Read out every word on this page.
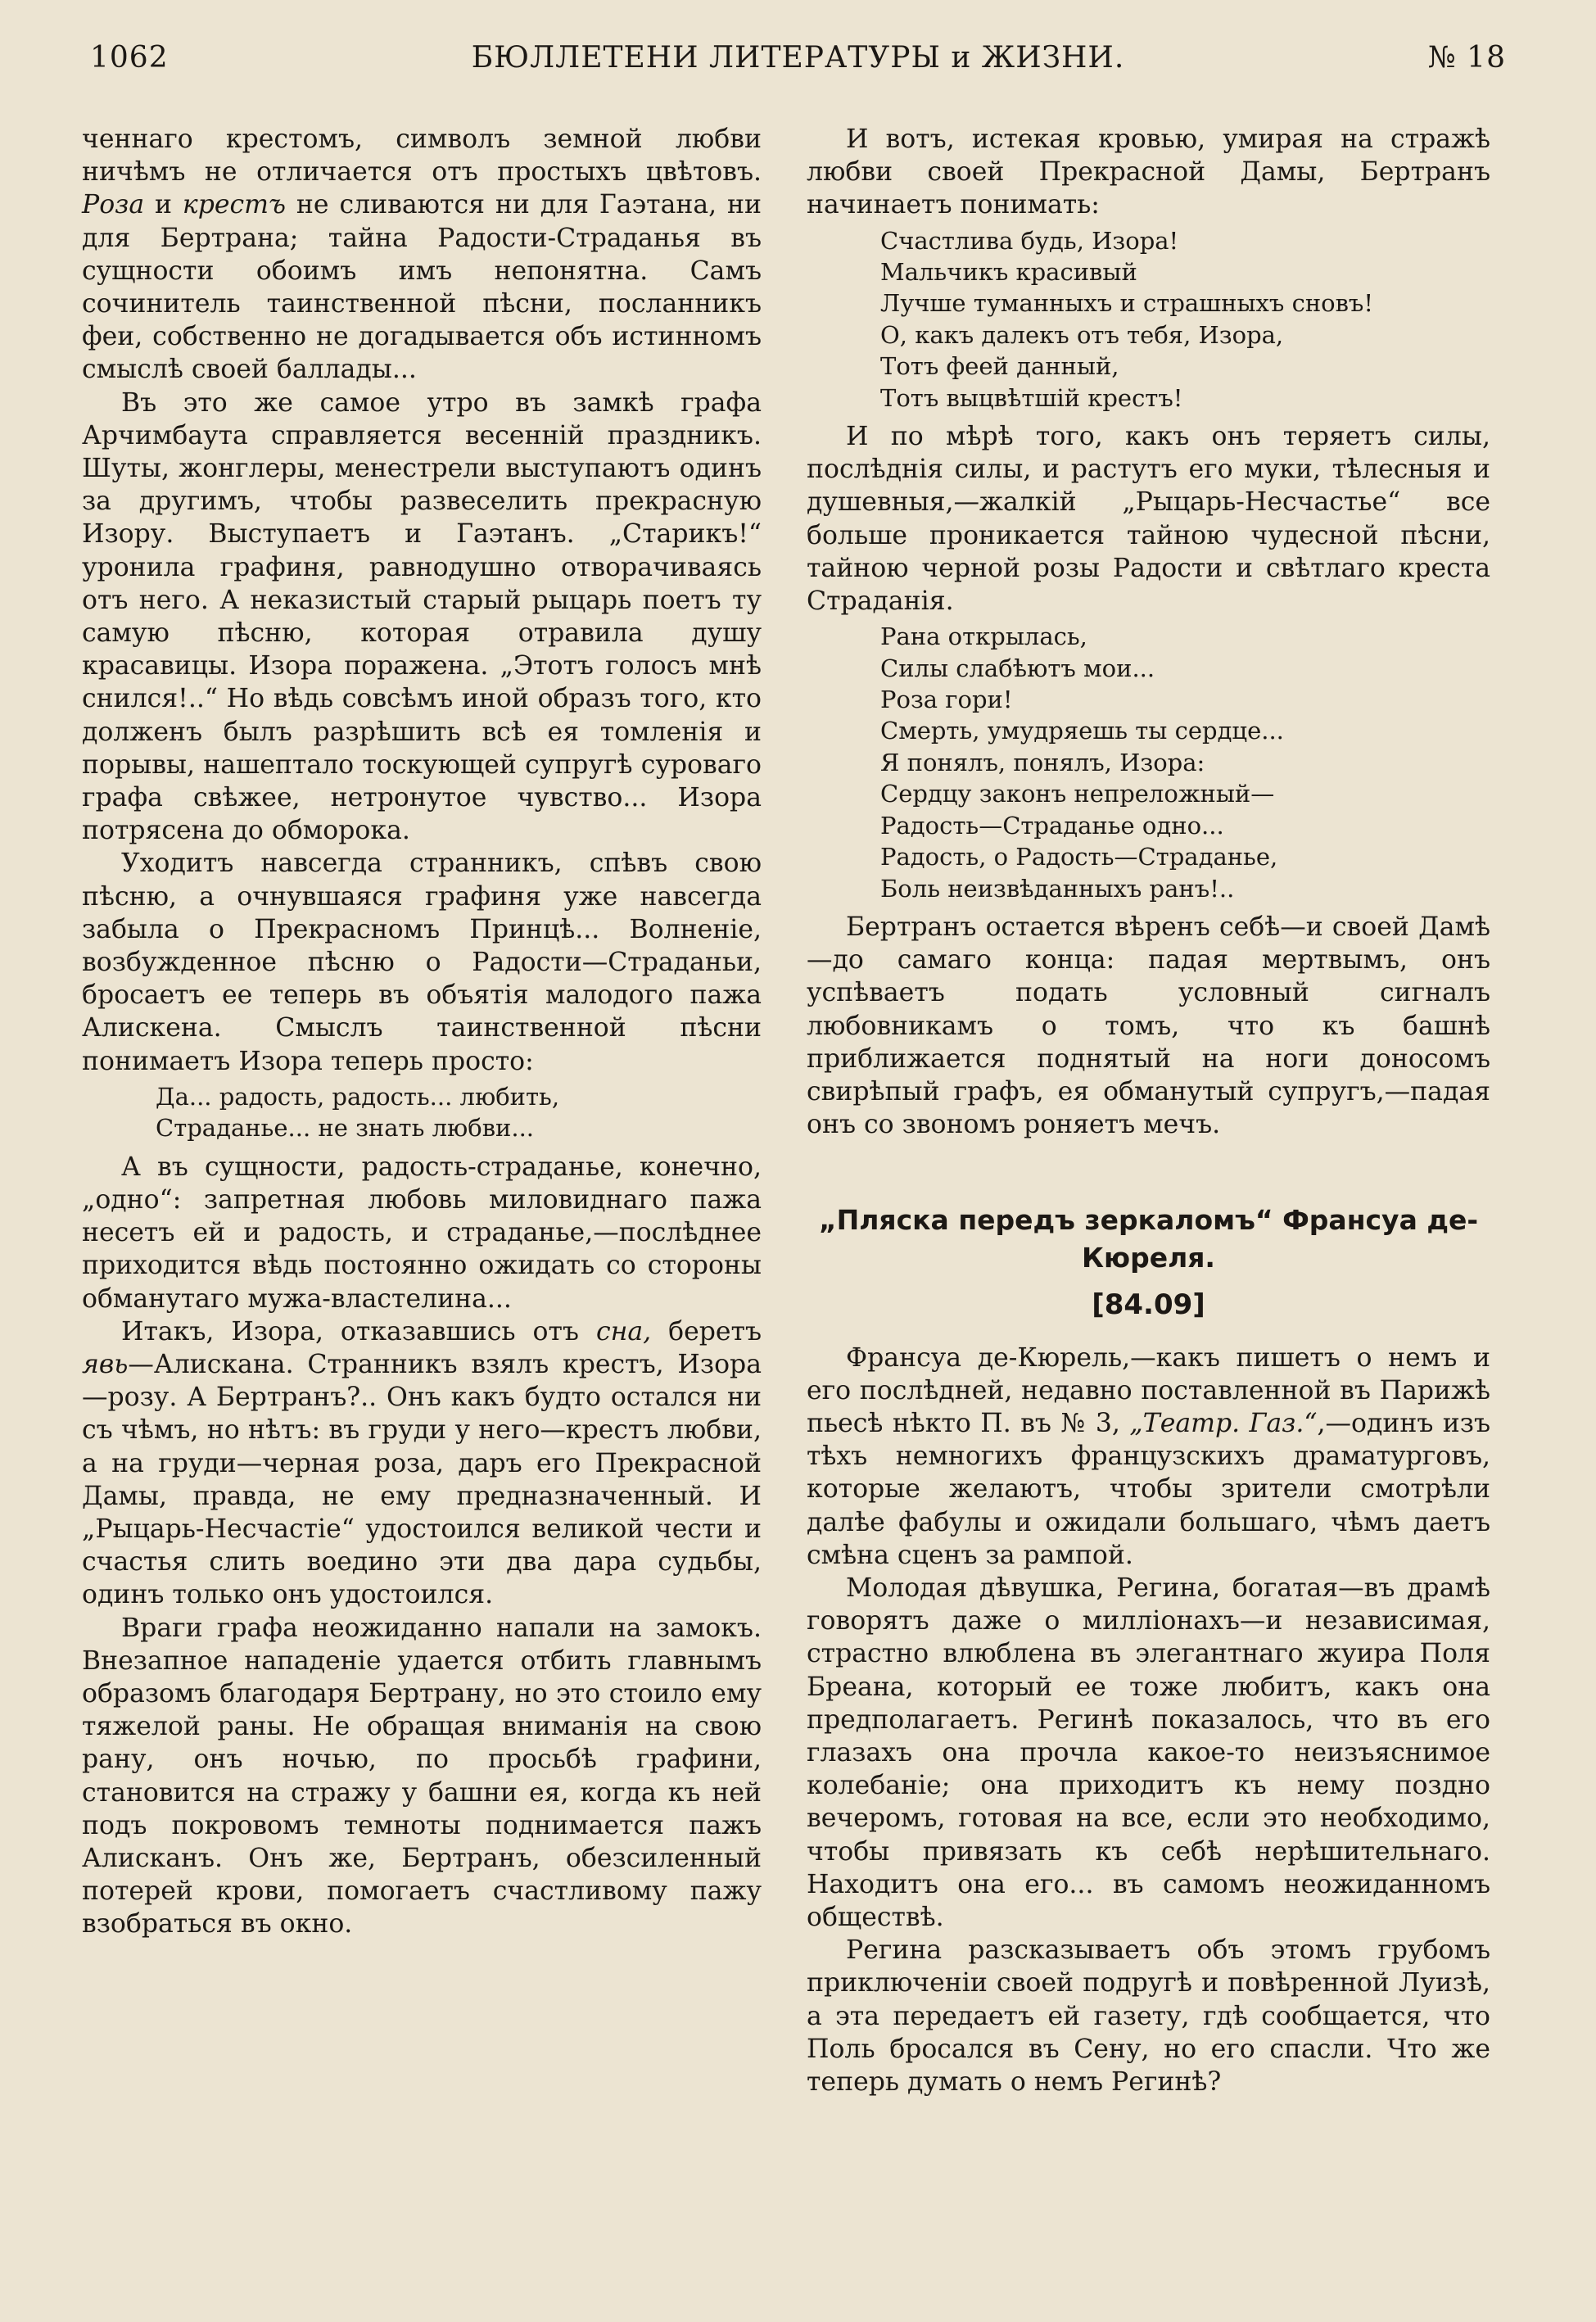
1062	БЮЛЛЕТЕНИ ЛИТЕРАТУРЫ и ЖИЗНИ.	№ 18

ченнаго крестомъ, символъ земной любви ничѣмъ не отличается отъ простыхъ цвѣтовъ. Роза и крестъ не сливаются ни для Гаэтана, ни для Бертрана; тайна Радости-Страданья въ сущности обоимъ имъ непонятна. Самъ сочинитель таинственной пѣсни, посланникъ феи, собственно не догадывается объ истинномъ смыслѣ своей баллады...

Въ это же самое утро въ замкѣ графа Арчимбаута справляется весенній праздникъ. Шуты, жонглеры, менестрели выступаютъ одинъ за другимъ, чтобы развеселить прекрасную Изору. Выступаетъ и Гаэтанъ. „Старикъ!“ уронила графиня, равнодушно отворачиваясь отъ него. А неказистый старый рыцарь поетъ ту самую пѣсню, которая отравила душу красавицы. Изора поражена. „Этотъ голосъ мнѣ снился!..“ Но вѣдь совсѣмъ иной образъ того, кто долженъ былъ разрѣшить всѣ ея томленія и порывы, нашептало тоскующей супругѣ суроваго графа свѣжее, нетронутое чувство... Изора потрясена до обморока.

Уходитъ навсегда странникъ, спѣвъ свою пѣсню, а очнувшаяся графиня уже навсегда забыла о Прекрасномъ Принцѣ... Волненіе, возбужденное пѣсню о Радости—Страданьи, бросаетъ ее теперь въ объятія малодого пажа Алискена. Смыслъ таинственной пѣсни понимаетъ Изора теперь просто:

Да... радость, радость... любить,
Страданье... не знать любви...

А въ сущности, радость-страданье, конечно, „одно“: запретная любовь миловиднаго пажа несетъ ей и радость, и страданье,—послѣднее приходится вѣдь постоянно ожидать со стороны обманутаго мужа-властелина...

Итакъ, Изора, отказавшись отъ сна, беретъ явь—Алискана. Странникъ взялъ крестъ, Изора—розу. А Бертранъ?.. Онъ какъ будто остался ни съ чѣмъ, но нѣтъ: въ груди у него—крестъ любви, а на груди—черная роза, даръ его Прекрасной Дамы, правда, не ему предназначенный. И „Рыцарь-Несчастіе“ удостоился великой чести и счастья слить воедино эти два дара судьбы, одинъ только онъ удостоился.

Враги графа неожиданно напали на замокъ. Внезапное нападеніе удается отбить главнымъ образомъ благодаря Бертрану, но это стоило ему тяжелой раны. Не обращая вниманія на свою рану, онъ ночью, по просьбѣ графини, становится на стражу у башни ея, когда къ ней подъ покровомъ темноты поднимается пажъ Алисканъ. Онъ же, Бертранъ, обезсиленный потерей крови, помогаетъ счастливому пажу взобраться въ окно.

И вотъ, истекая кровью, умирая на стражѣ любви своей Прекрасной Дамы, Бертранъ начинаетъ понимать:

Счастлива будь, Изора!
Мальчикъ красивый
Лучше туманныхъ и страшныхъ сновъ!
О, какъ далекъ отъ тебя, Изора,
Тотъ феей данный,
Тотъ выцвѣтшій крестъ!

И по мѣрѣ того, какъ онъ теряетъ силы, послѣднія силы, и растутъ его муки, тѣлесныя и душевныя,—жалкій „Рыцарь-Несчастье“ все больше проникается тайною чудесной пѣсни, тайною черной розы Радости и свѣтлаго креста Страданія.

Рана открылась,
Силы слабѣютъ мои...
Роза гори!
Смерть, умудряешь ты сердце...
Я понялъ, понялъ, Изора:
Сердцу законъ непреложный—
Радость—Страданье одно...
Радость, о Радость—Страданье,
Боль неизвѣданныхъ ранъ!..

Бертранъ остается вѣренъ себѣ—и своей Дамѣ—до самаго конца: падая мертвымъ, онъ успѣваетъ подать условный сигналъ любовникамъ о томъ, что къ башнѣ приближается поднятый на ноги доносомъ свирѣпый графъ, ея обманутый супругъ,—падая онъ со звономъ роняетъ мечъ.

„Пляска передъ зеркаломъ“ Франсуа де-Кюреля.
[84.09]

Франсуа де-Кюрель,—какъ пишетъ о немъ и его послѣдней, недавно поставленной въ Парижѣ пьесѣ нѣкто П. въ № 3, „Театр. Газ.“,—одинъ изъ тѣхъ немногихъ французскихъ драматурговъ, которые желаютъ, чтобы зрители смотрѣли далѣе фабулы и ожидали большаго, чѣмъ даетъ смѣна сценъ за рампой.

Молодая дѣвушка, Регина, богатая—въ драмѣ говорятъ даже о милліонахъ—и независимая, страстно влюблена въ элегантнаго жуира Поля Бреана, который ее тоже любитъ, какъ она предполагаетъ. Регинѣ показалось, что въ его глазахъ она прочла какое-то неизъяснимое колебаніе; она приходитъ къ нему поздно вечеромъ, готовая на все, если это необходимо, чтобы привязать къ себѣ нерѣшительнаго. Находитъ она его... въ самомъ неожиданномъ обществѣ.

Регина разсказываетъ объ этомъ грубомъ приключеніи своей подругѣ и повѣренной Луизѣ, а эта передаетъ ей газету, гдѣ сообщается, что Поль бросался въ Сену, но его спасли. Что же теперь думать о немъ Регинѣ?
